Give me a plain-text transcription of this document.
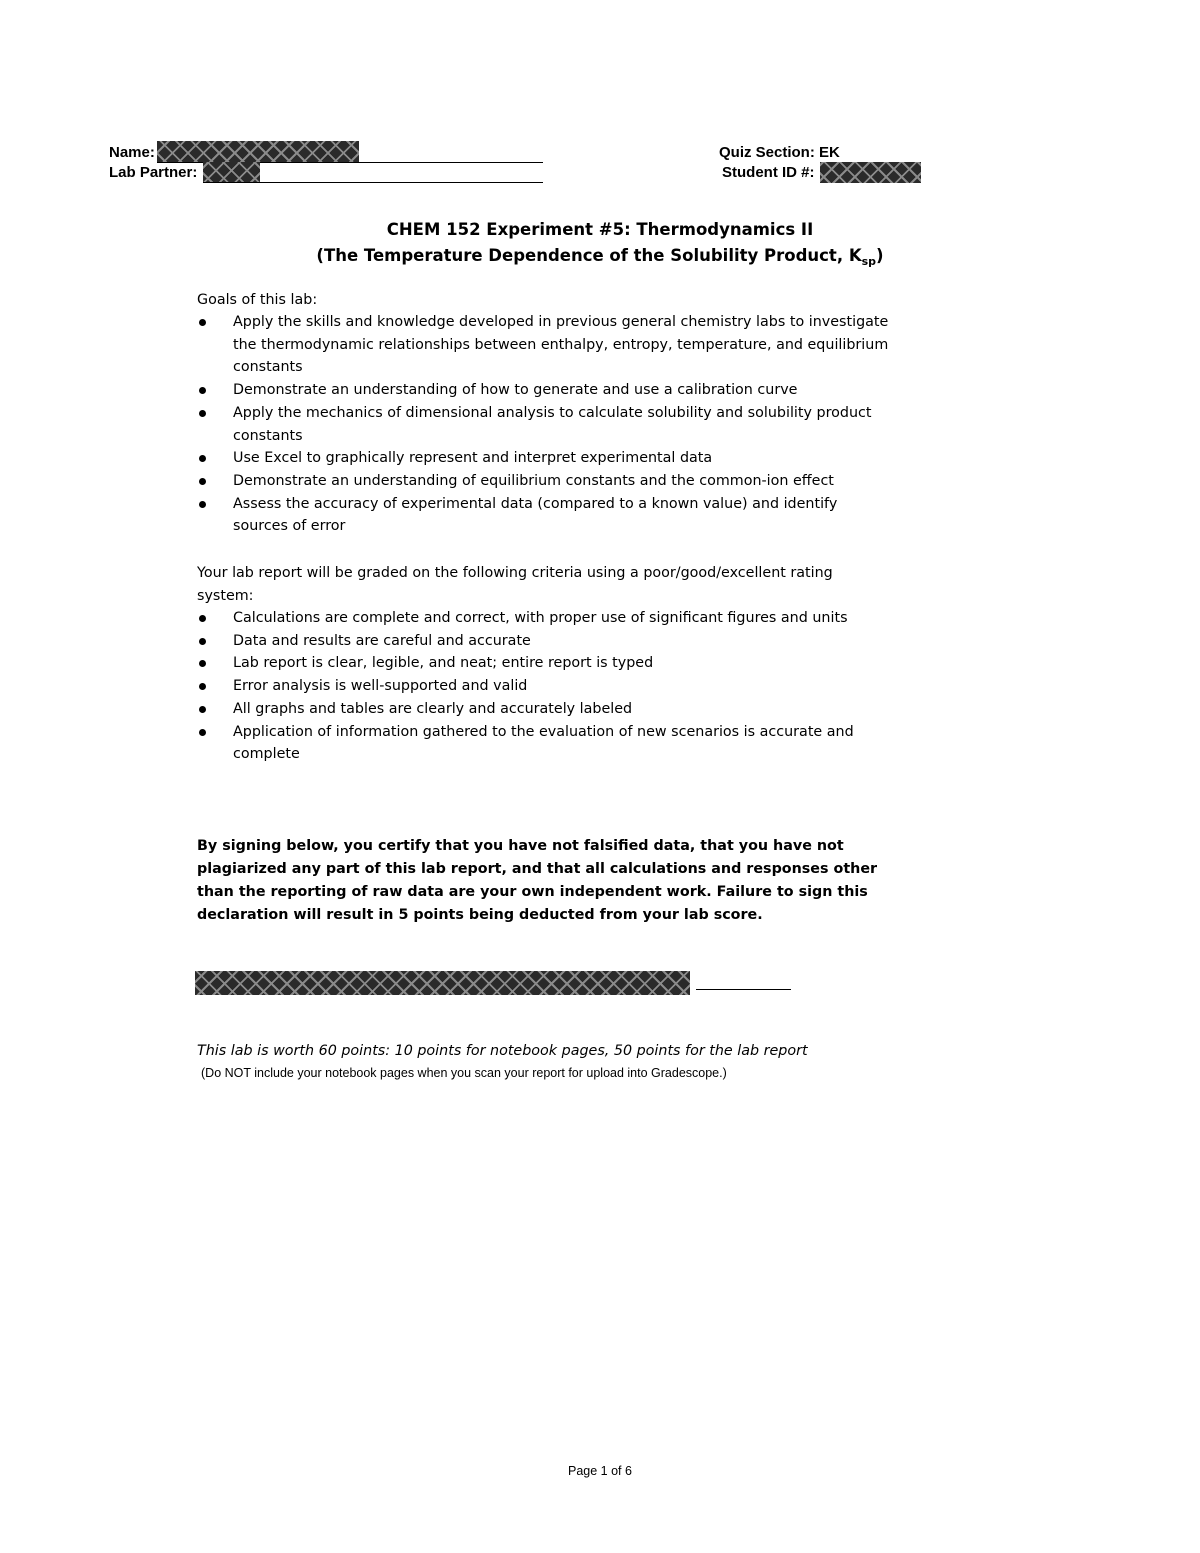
Name:
Lab Partner:
Quiz Section: EK
Student ID #:
CHEM 152 Experiment #5: Thermodynamics II
(The Temperature Dependence of the Solubility Product, $K_{sp}$)
Goals of this lab:
Apply the skills and knowledge developed in previous general chemistry labs to investigate the thermodynamic relationships between enthalpy, entropy, temperature, and equilibrium constants
Demonstrate an understanding of how to generate and use a calibration curve
Apply the mechanics of dimensional analysis to calculate solubility and solubility product constants
Use Excel to graphically represent and interpret experimental data
Demonstrate an understanding of equilibrium constants and the common-ion effect
Assess the accuracy of experimental data (compared to a known value) and identify sources of error
Your lab report will be graded on the following criteria using a poor/good/excellent rating
system:
Calculations are complete and correct, with proper use of significant figures and units
Data and results are careful and accurate
Lab report is clear, legible, and neat; entire report is typed
Error analysis is well-supported and valid
All graphs and tables are clearly and accurately labeled
Application of information gathered to the evaluation of new scenarios is accurate and complete
By signing below, you certify that you have not falsified data, that you have not plagiarized any part of this lab report, and that all calculations and responses other than the reporting of raw data are your own independent work. Failure to sign this declaration will result in 5 points being deducted from your lab score.
This lab is worth 60 points: 10 points for notebook pages, 50 points for the lab report
(Do NOT include your notebook pages when you scan your report for upload into Gradescope.)
Page 1 of 6
